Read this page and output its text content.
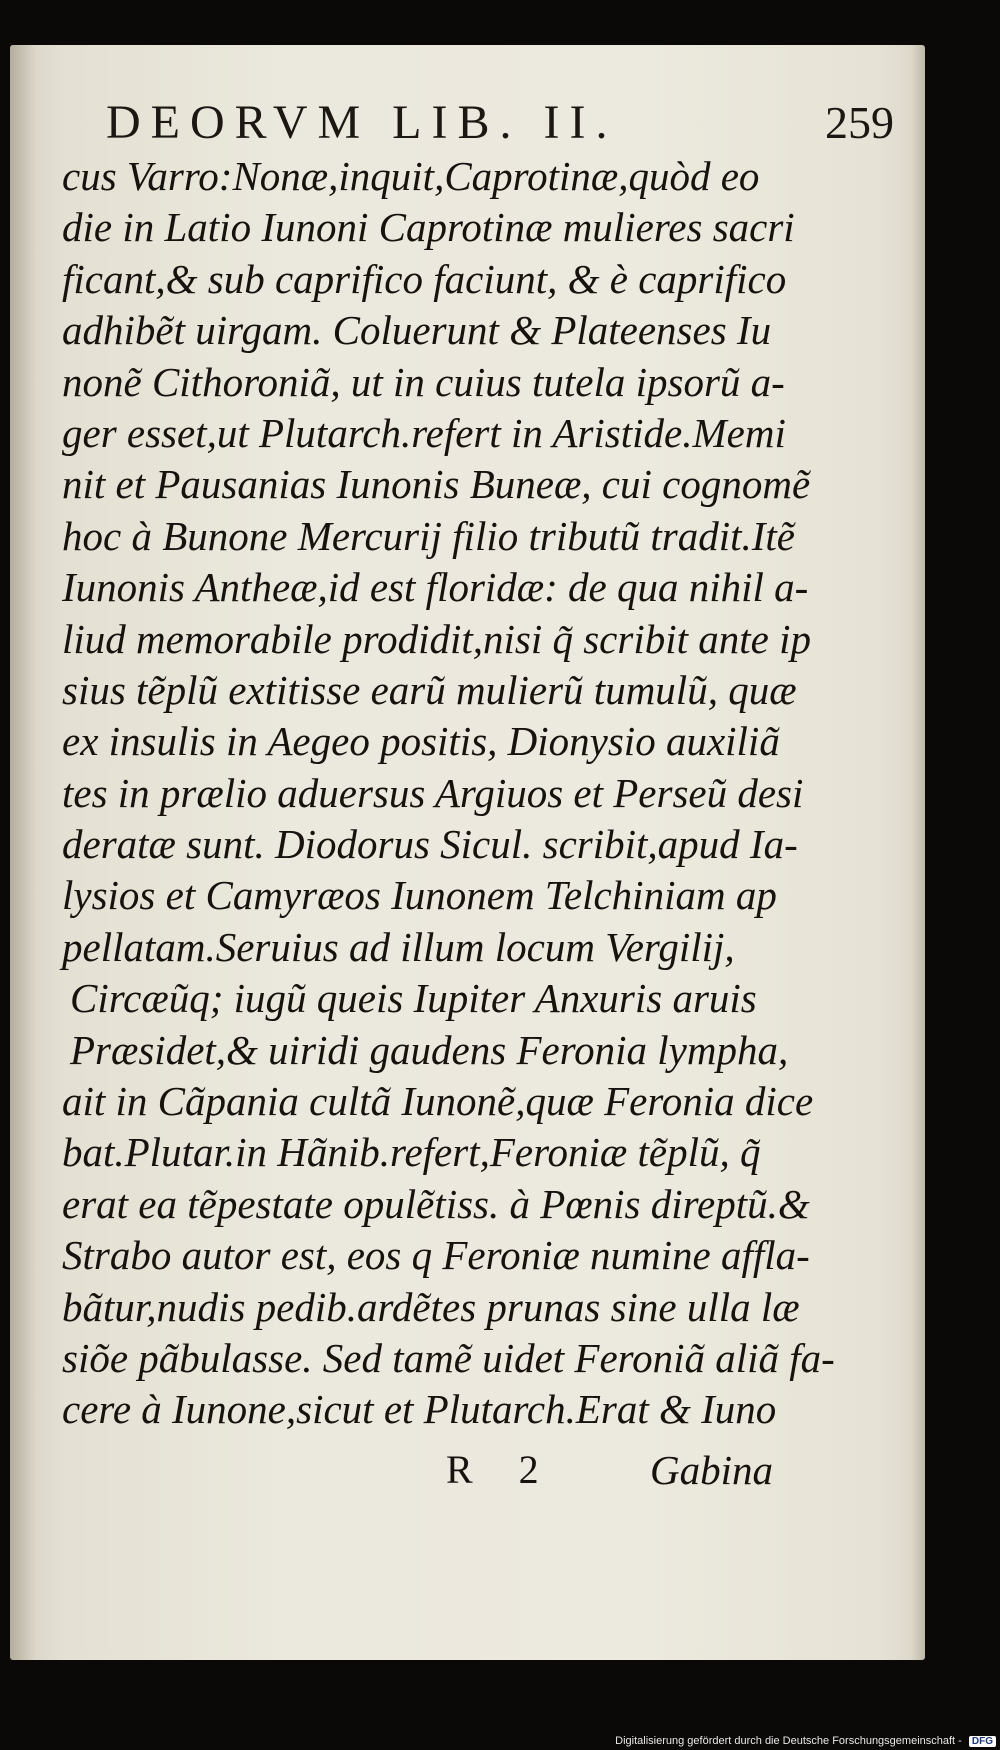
DEORVM LIB. II.	259
cus Varro:Nonæ,inquit,Caprotinæ,quòd eo
die in Latio Iunoni Caprotinæ mulieres sacri
ficant,& sub caprifico faciunt, & è caprifico
adhibẽt uirgam. Coluerunt & Plateenses Iu
nonẽ Cithoroniã, ut in cuius tutela ipsorũ a-
ger esset,ut Plutarch.refert in Aristide.Memi
nit et Pausanias Iunonis Buneæ, cui cognomẽ
hoc à Bunone Mercurij filio tributũ tradit.Itẽ
Iunonis Antheæ,id est floridæ: de qua nihil a-
liud memorabile prodidit,nisi q̃ scribit ante ip
sius tẽplũ extitisse earũ mulierũ tumulũ, quæ
ex insulis in Aegeo positis, Dionysio auxiliã
tes in prælio aduersus Argiuos et Perseũ desi
deratæ sunt. Diodorus Sicul. scribit,apud Ia-
lysios et Camyræos Iunonem Telchiniam ap
pellatam.Seruius ad illum locum Vergilij,
Circæũq; iugũ queis Iupiter Anxuris aruis
Præsidet,& uiridi gaudens Feronia lympha,
ait in Cãpania cultã Iunonẽ,quæ Feronia dice
bat.Plutar.in Hãnib.refert,Feroniæ tẽplũ, q̃
erat ea tẽpestate opulẽtiss. à Pœnis direptũ.&
Strabo autor est, eos q Feroniæ numine affla-
bãtur,nudis pedib.ardẽtes prunas sine ulla læ
siõe pãbulasse. Sed tamẽ uidet Feroniã aliã fa-
cere à Iunone,sicut et Plutarch.Erat & Iuno
R 2 Gabina
Digitalisierung gefördert durch die Deutsche Forschungsgemeinschaft - DFG
